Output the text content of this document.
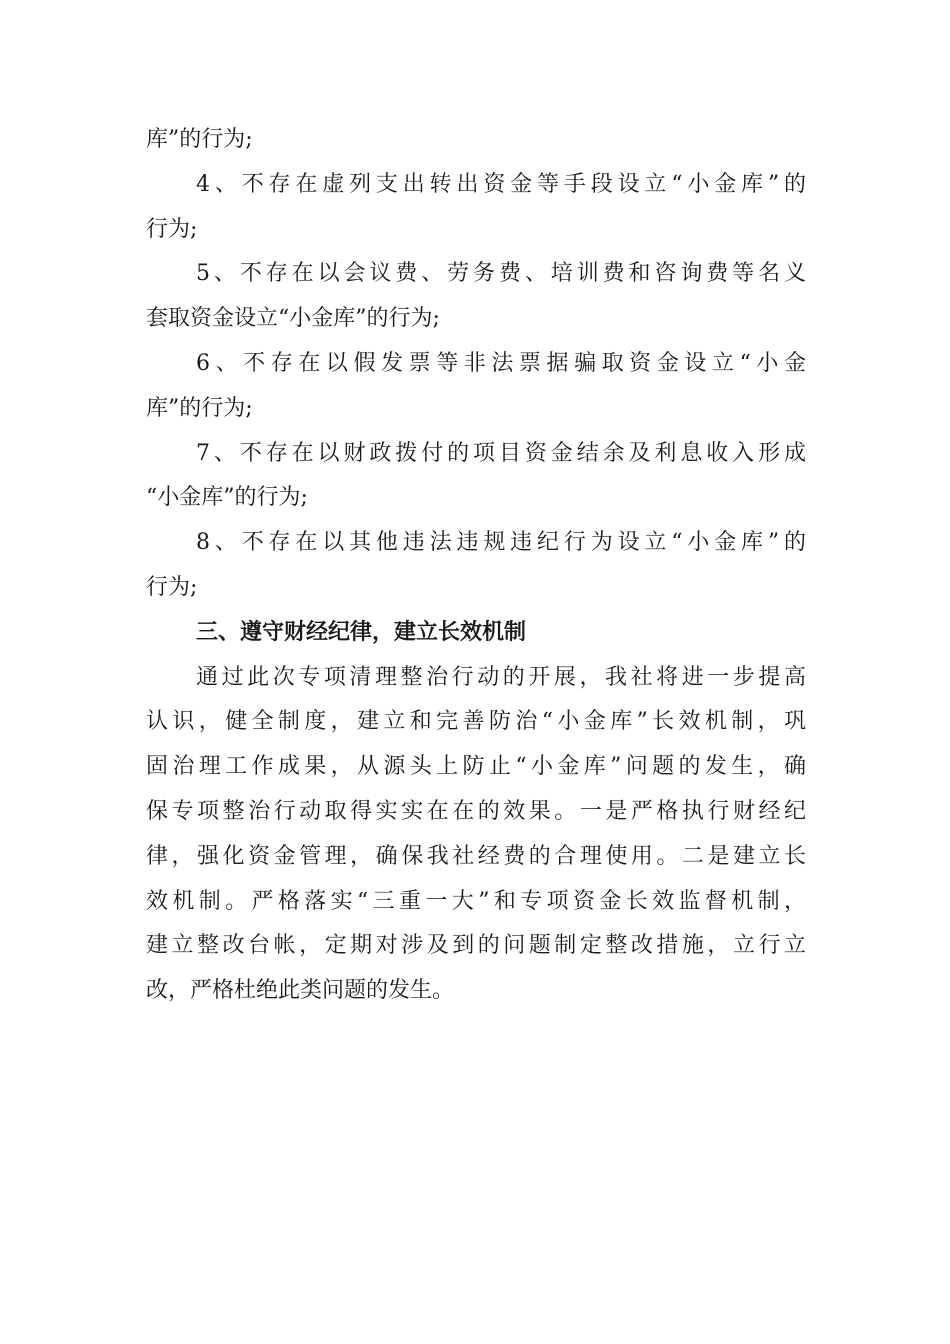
库”的行为;
4、不存在虚列支出转出资金等手段设立“小金库”的
行为;
5、不存在以会议费、劳务费、培训费和咨询费等名义
套取资金设立“小金库”的行为;
6、不存在以假发票等非法票据骗取资金设立“小金
库”的行为;
7、不存在以财政拨付的项目资金结余及利息收入形成
“小金库”的行为;
8、不存在以其他违法违规违纪行为设立“小金库”的
行为;
三、遵守财经纪律，建立长效机制
通过此次专项清理整治行动的开展，我社将进一步提高
认识，健全制度，建立和完善防治“小金库”长效机制，巩
固治理工作成果，从源头上防止“小金库”问题的发生，确
保专项整治行动取得实实在在的效果。一是严格执行财经纪
律，强化资金管理，确保我社经费的合理使用。二是建立长
效机制。严格落实“三重一大”和专项资金长效监督机制，
建立整改台帐，定期对涉及到的问题制定整改措施，立行立
改，严格杜绝此类问题的发生。
